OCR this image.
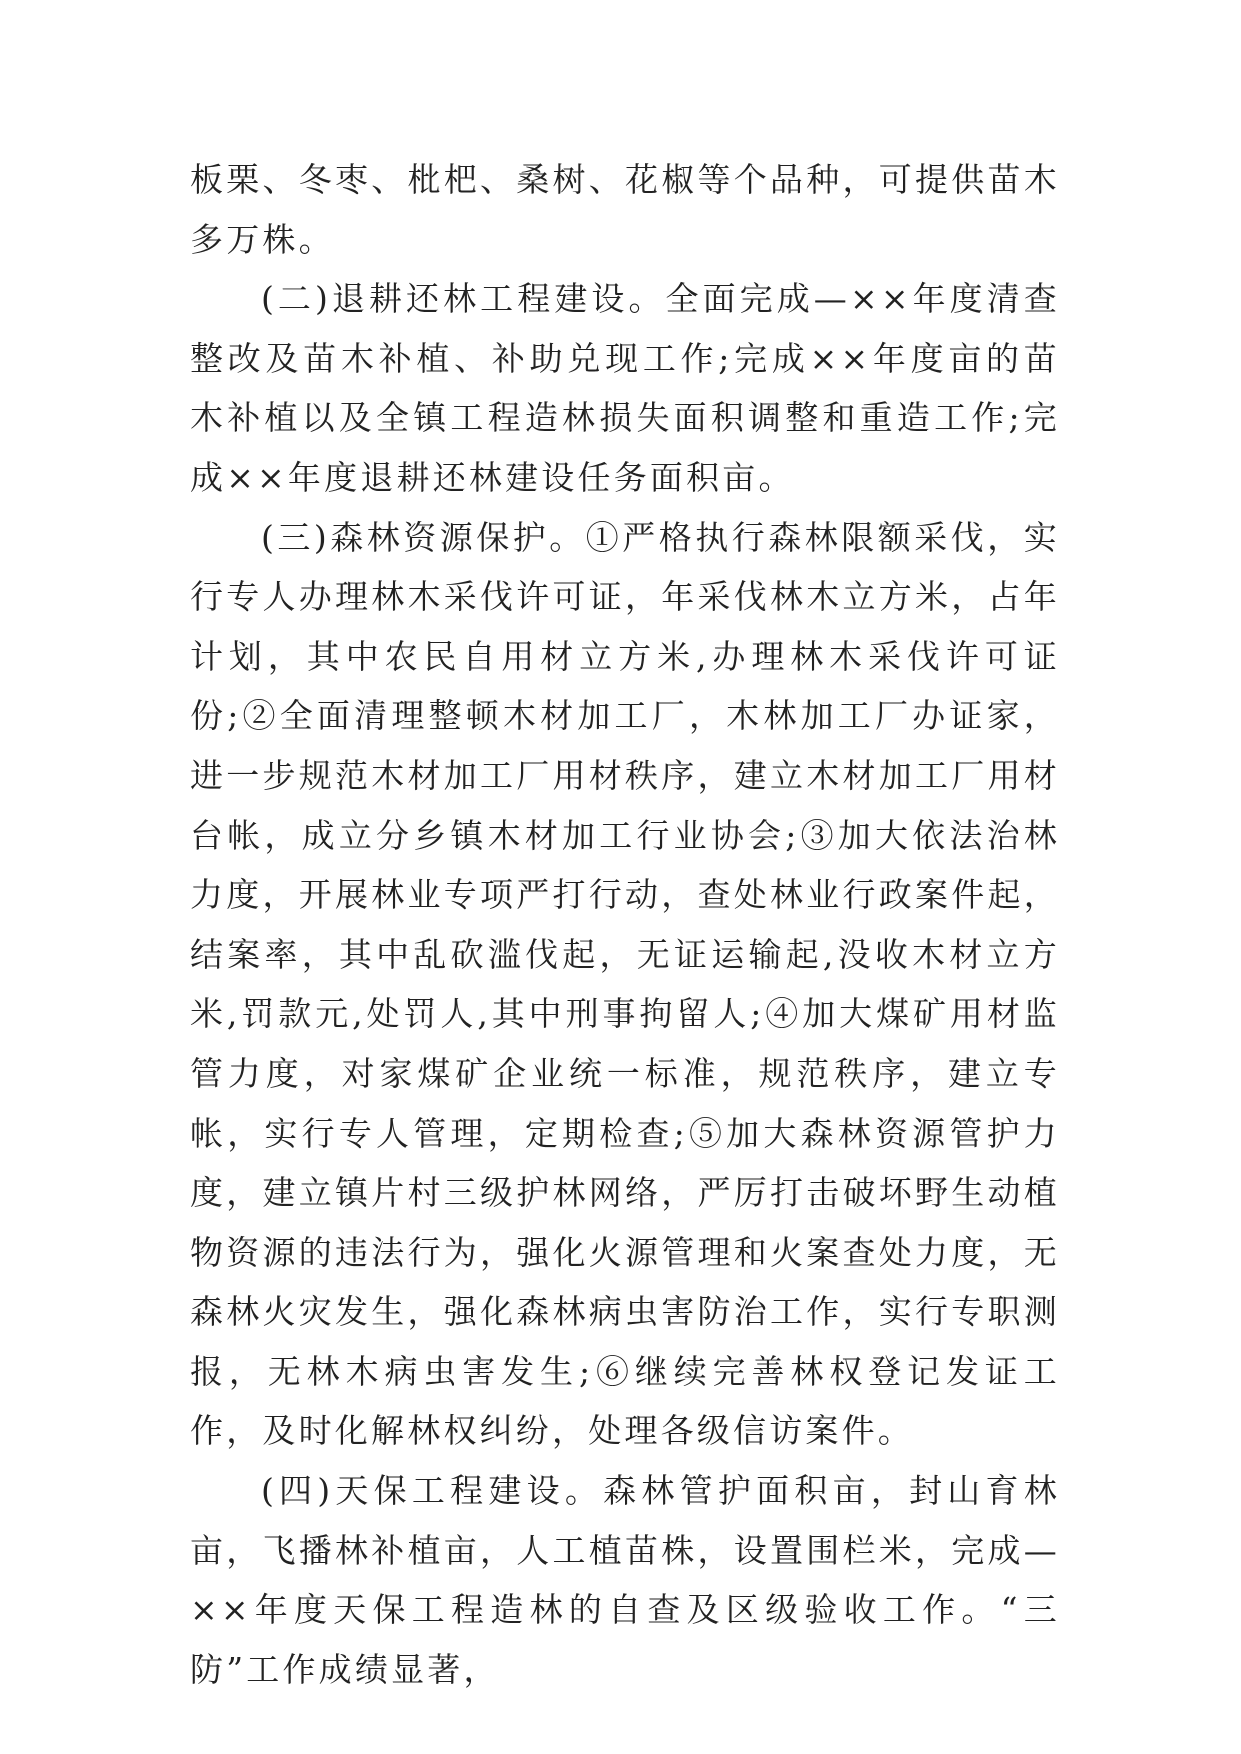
板栗、冬枣、枇杷、桑树、花椒等个品种，可提供苗木多万株。

(二)退耕还林工程建设。全面完成—××年度清查整改及苗木补植、补助兑现工作;完成××年度亩的苗木补植以及全镇工程造林损失面积调整和重造工作;完成××年度退耕还林建设任务面积亩。

(三)森林资源保护。①严格执行森林限额采伐，实行专人办理林木采伐许可证，年采伐林木立方米，占年计划，其中农民自用材立方米,办理林木采伐许可证份;②全面清理整顿木材加工厂，木林加工厂办证家，进一步规范木材加工厂用材秩序，建立木材加工厂用材台帐，成立分乡镇木材加工行业协会;③加大依法治林力度，开展林业专项严打行动，查处林业行政案件起，结案率，其中乱砍滥伐起，无证运输起,没收木材立方米,罚款元,处罚人,其中刑事拘留人;④加大煤矿用材监管力度，对家煤矿企业统一标准，规范秩序，建立专帐，实行专人管理，定期检查;⑤加大森林资源管护力度，建立镇片村三级护林网络，严厉打击破坏野生动植物资源的违法行为，强化火源管理和火案查处力度，无森林火灾发生，强化森林病虫害防治工作，实行专职测报，无林木病虫害发生;⑥继续完善林权登记发证工作，及时化解林权纠纷，处理各级信访案件。

(四)天保工程建设。森林管护面积亩，封山育林亩，飞播林补植亩，人工植苗株，设置围栏米，完成—××年度天保工程造林的自查及区级验收工作。“三防”工作成绩显著，
